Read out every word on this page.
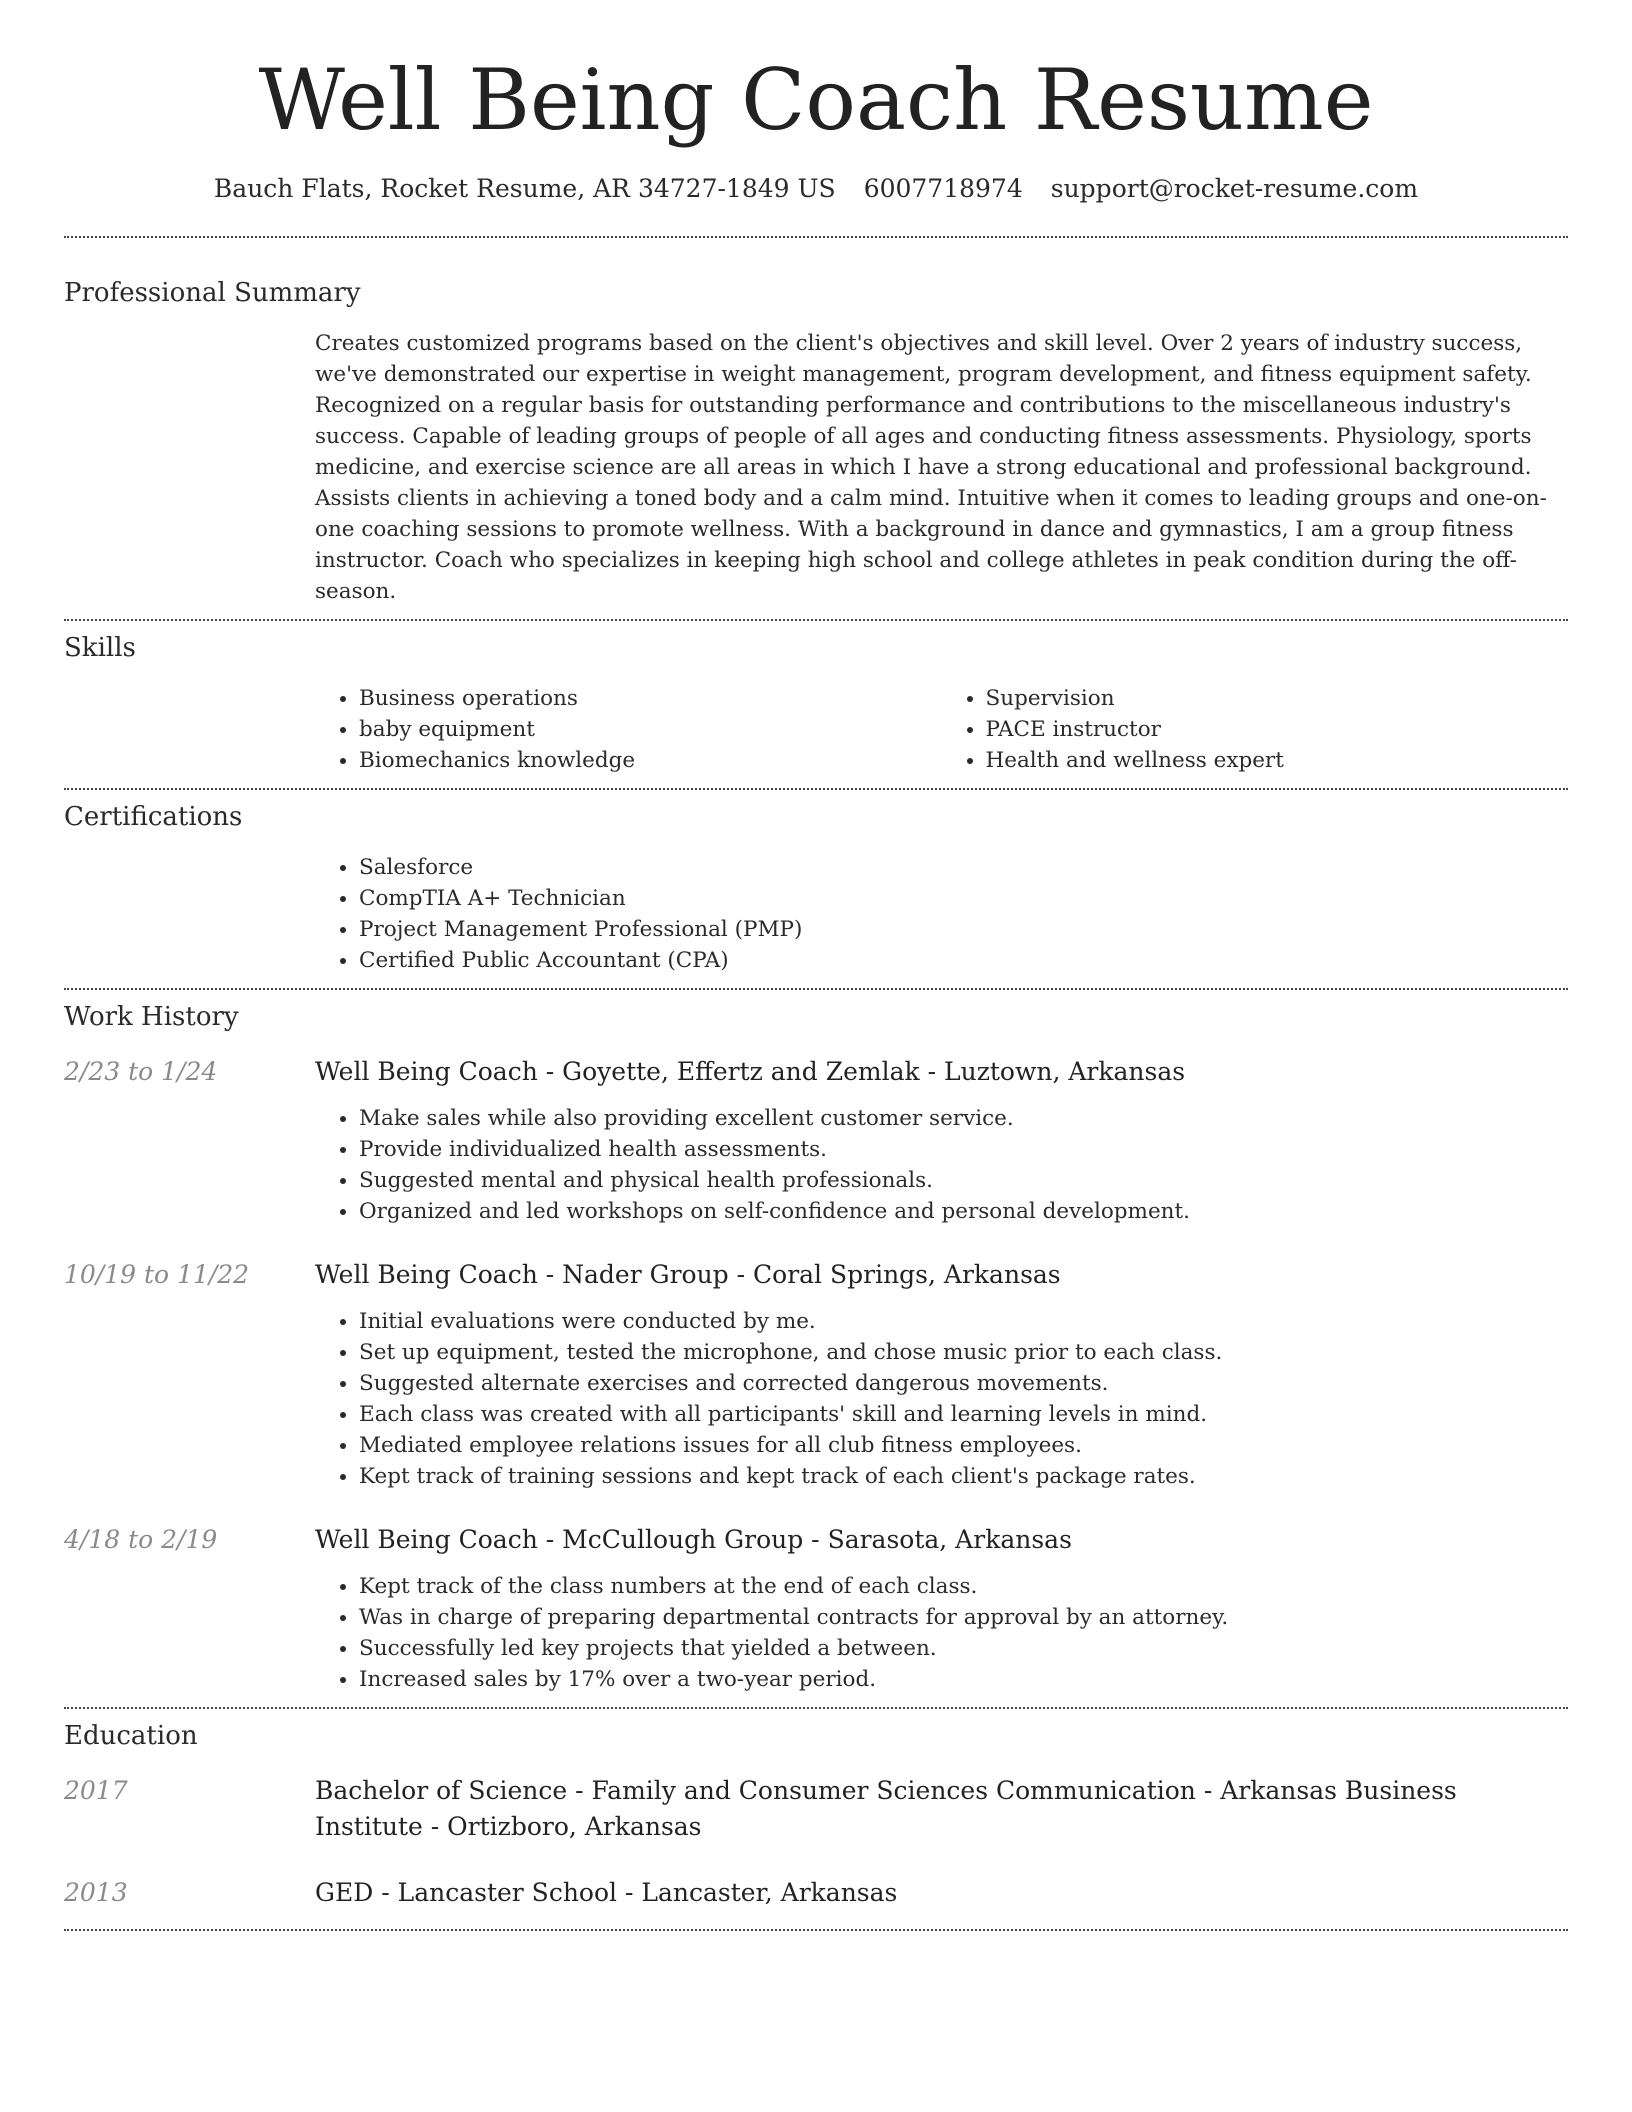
Well Being Coach Resume
Bauch Flats, Rocket Resume, AR 34727-1849 US 6007718974 support@rocket-resume.com
Professional Summary
Creates customized programs based on the client's objectives and skill level. Over 2 years of industry success, we've demonstrated our expertise in weight management, program development, and fitness equipment safety. Recognized on a regular basis for outstanding performance and contributions to the miscellaneous industry's success. Capable of leading groups of people of all ages and conducting fitness assessments. Physiology, sports medicine, and exercise science are all areas in which I have a strong educational and professional background. Assists clients in achieving a toned body and a calm mind. Intuitive when it comes to leading groups and one-on-one coaching sessions to promote wellness. With a background in dance and gymnastics, I am a group fitness instructor. Coach who specializes in keeping high school and college athletes in peak condition during the off-season.
Skills
• Business operations
• baby equipment
• Biomechanics knowledge
• Supervision
• PACE instructor
• Health and wellness expert
Certifications
• Salesforce
• CompTIA A+ Technician
• Project Management Professional (PMP)
• Certified Public Accountant (CPA)
Work History
2/23 to 1/24	Well Being Coach - Goyette, Effertz and Zemlak - Luztown, Arkansas
• Make sales while also providing excellent customer service.
• Provide individualized health assessments.
• Suggested mental and physical health professionals.
• Organized and led workshops on self-confidence and personal development.
10/19 to 11/22	Well Being Coach - Nader Group - Coral Springs, Arkansas
• Initial evaluations were conducted by me.
• Set up equipment, tested the microphone, and chose music prior to each class.
• Suggested alternate exercises and corrected dangerous movements.
• Each class was created with all participants' skill and learning levels in mind.
• Mediated employee relations issues for all club fitness employees.
• Kept track of training sessions and kept track of each client's package rates.
4/18 to 2/19	Well Being Coach - McCullough Group - Sarasota, Arkansas
• Kept track of the class numbers at the end of each class.
• Was in charge of preparing departmental contracts for approval by an attorney.
• Successfully led key projects that yielded a between.
• Increased sales by 17% over a two-year period.
Education
2017	Bachelor of Science - Family and Consumer Sciences Communication - Arkansas Business Institute - Ortizboro, Arkansas
2013	GED - Lancaster School - Lancaster, Arkansas
